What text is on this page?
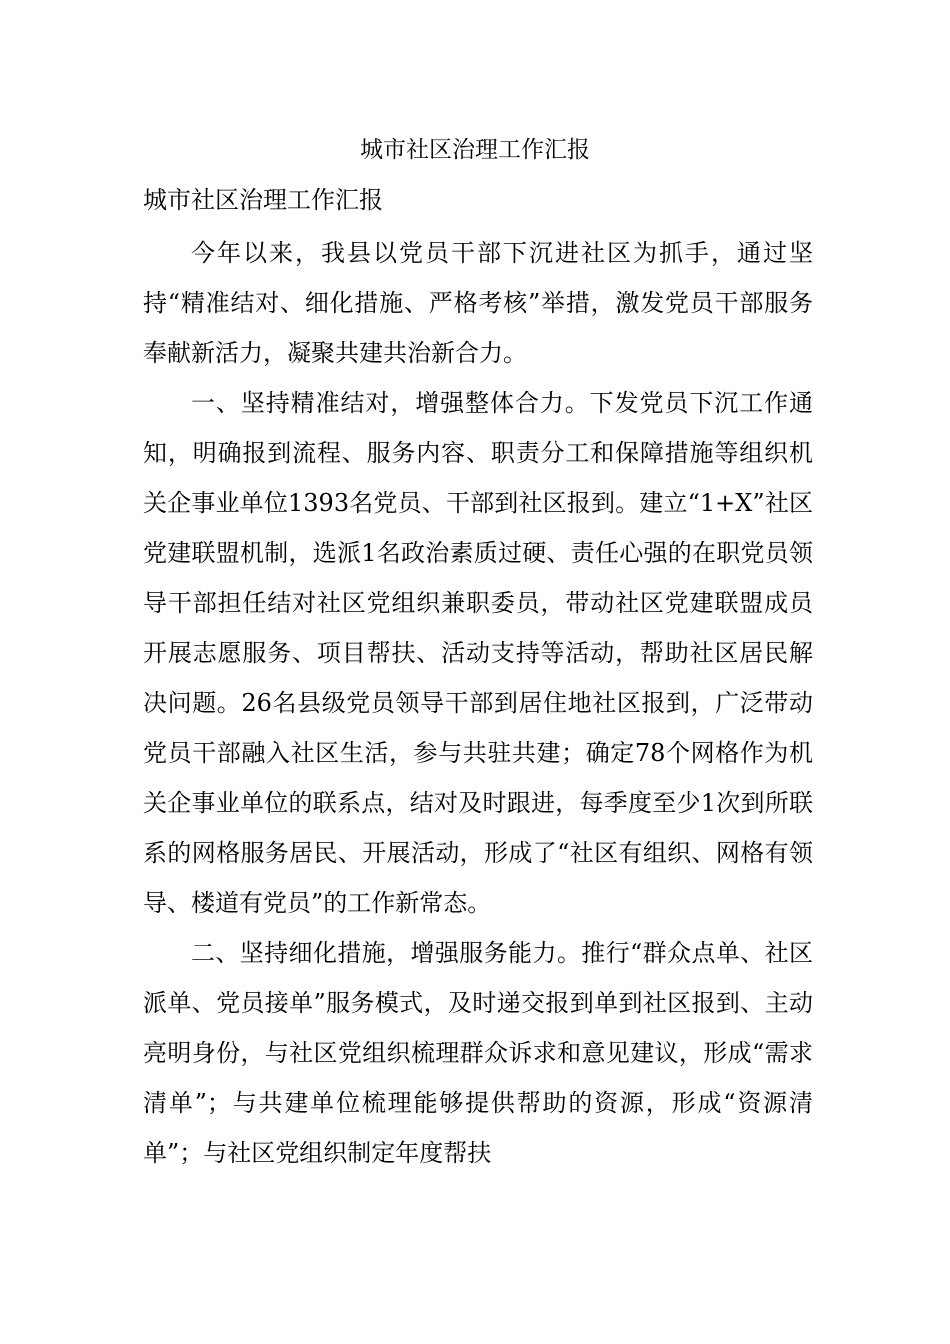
城市社区治理工作汇报
城市社区治理工作汇报

今年以来，我县以党员干部下沉进社区为抓手，通过坚持“精准结对、细化措施、严格考核”举措，激发党员干部服务奉献新活力，凝聚共建共治新合力。

一、坚持精准结对，增强整体合力。下发党员下沉工作通知，明确报到流程、服务内容、职责分工和保障措施等组织机关企事业单位1393名党员、干部到社区报到。建立“1+X”社区党建联盟机制，选派1名政治素质过硬、责任心强的在职党员领导干部担任结对社区党组织兼职委员，带动社区党建联盟成员开展志愿服务、项目帮扶、活动支持等活动，帮助社区居民解决问题。26名县级党员领导干部到居住地社区报到，广泛带动党员干部融入社区生活，参与共驻共建；确定78个网格作为机关企事业单位的联系点，结对及时跟进，每季度至少1次到所联系的网格服务居民、开展活动，形成了“社区有组织、网格有领导、楼道有党员”的工作新常态。

二、坚持细化措施，增强服务能力。推行“群众点单、社区派单、党员接单”服务模式，及时递交报到单到社区报到、主动亮明身份，与社区党组织梳理群众诉求和意见建议，形成“需求清单”；与共建单位梳理能够提供帮助的资源，形成“资源清单”；与社区党组织制定年度帮扶
